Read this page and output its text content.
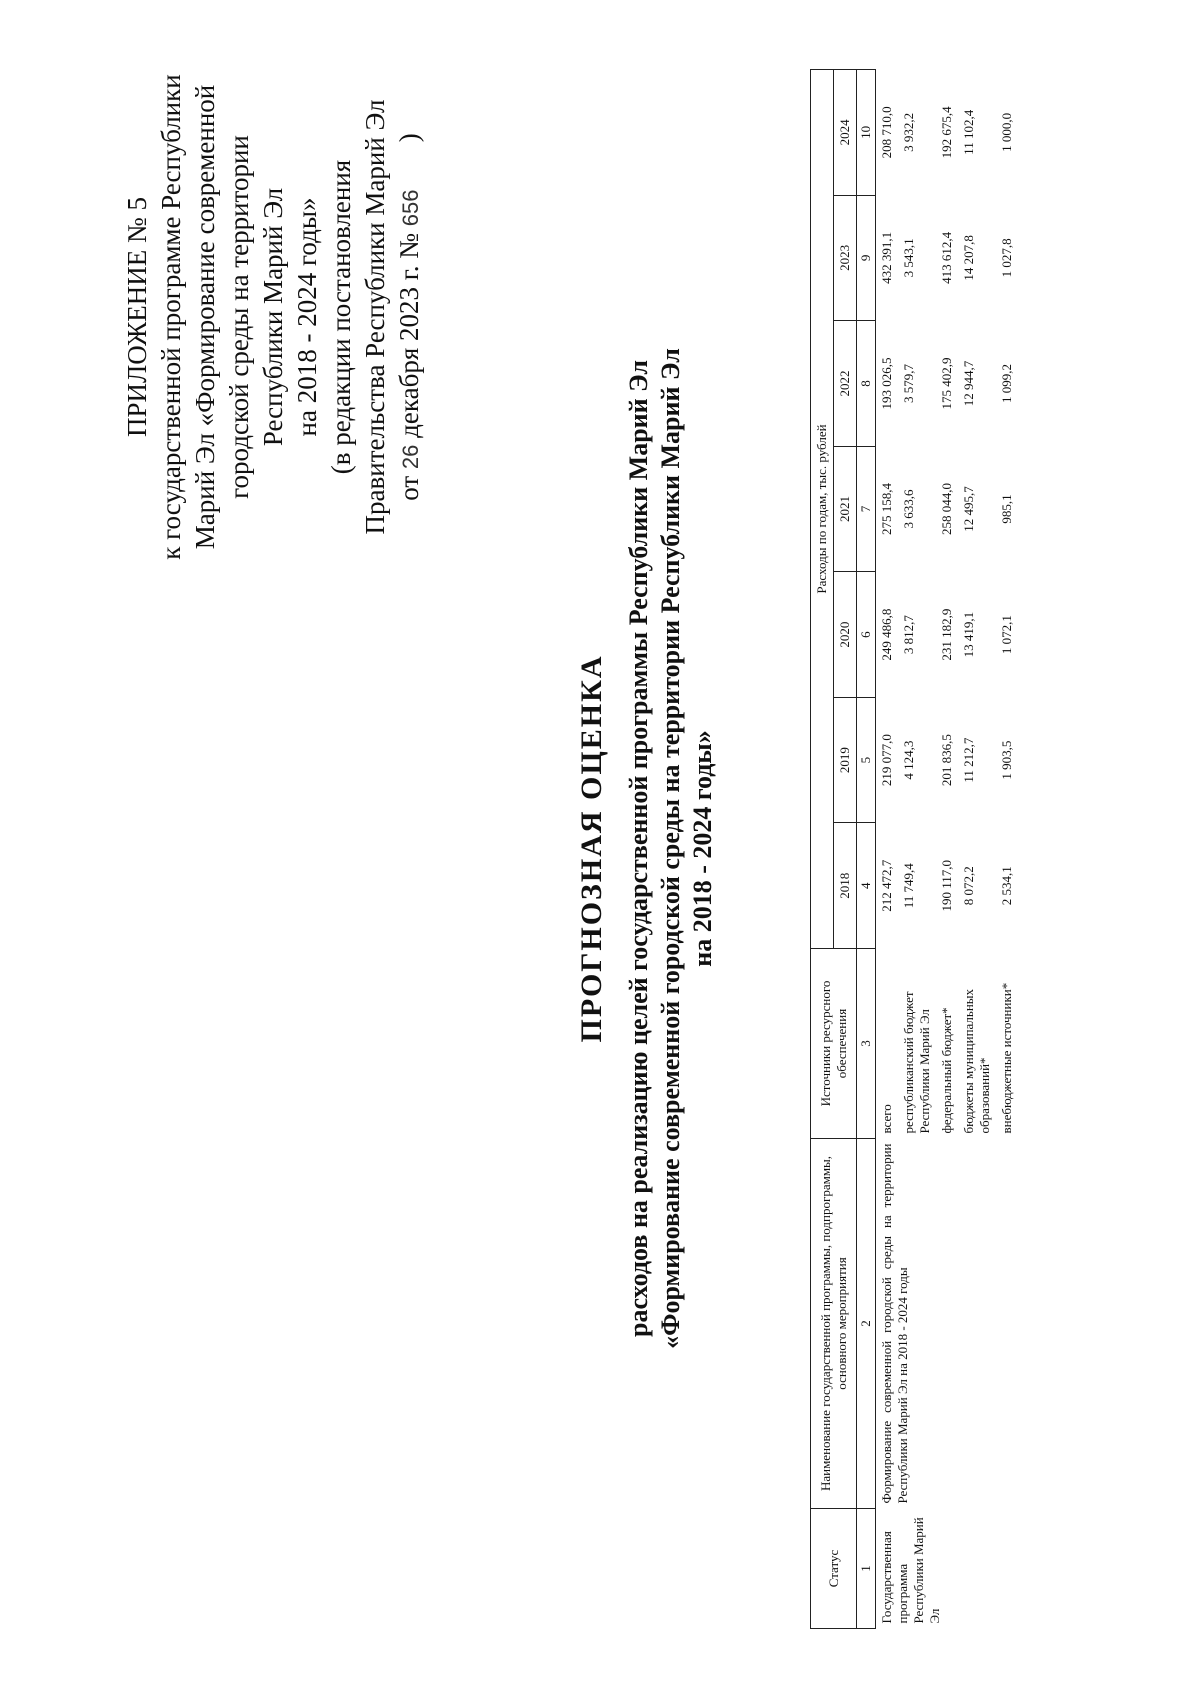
ПРИЛОЖЕНИЕ № 5 к государственной программе Республики Марий Эл «Формирование современной городской среды на территории Республики Марий Эл на 2018 - 2024 годы» (в редакции постановления Правительства Республики Марий Эл от 26 декабря 2023 г. № 656       )
ПРОГНОЗНАЯ ОЦЕНКА расходов на реализацию целей государственной программы Республики Марий Эл «Формирование современной городской среды на территории Республики Марий Эл на 2018 - 2024 годы»
Статус	Наименование государственной программы, подпрограммы, основного мероприятия	Источники ресурсного обеспечения	Расходы по годам, тыс. рублей						
			2018	2019	2020	2021	2022	2023	2024
1	2	3	4	5	6	7	8	9	10
Государственная программа Республики Марий Эл	Формирование современной городской среды на территории Республики Марий Эл на 2018 - 2024 годы	всего	212 472,7	219 077,0	249 486,8	275 158,4	193 026,5	432 391,1	208 710,0
		республиканский бюджет Республики Марий Эл	11 749,4	4 124,3	3 812,7	3 633,6	3 579,7	3 543,1	3 932,2
		федеральный бюджет*	190 117,0	201 836,5	231 182,9	258 044,0	175 402,9	413 612,4	192 675,4
		бюджеты муниципальных образований*	8 072,2	11 212,7	13 419,1	12 495,7	12 944,7	14 207,8	11 102,4
		внебюджетные источники*	2 534,1	1 903,5	1 072,1	985,1	1 099,2	1 027,8	1 000,0
